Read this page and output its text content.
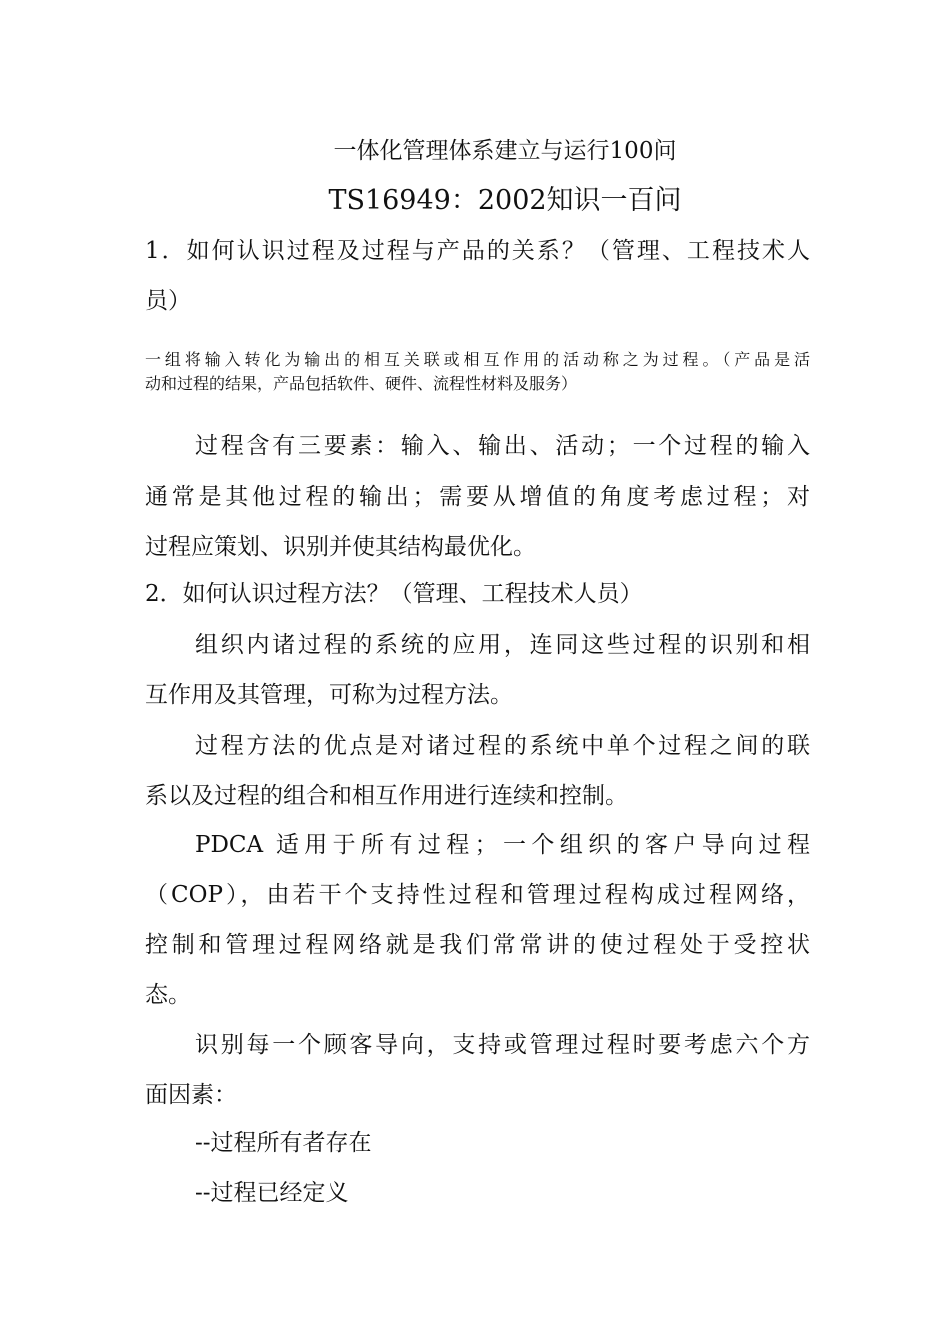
一体化管理体系建立与运行100问
TS16949：2002知识一百问
1．如何认识过程及过程与产品的关系？（管理、工程技术人
员）
一组将输入转化为输出的相互关联或相互作用的活动称之为过程。（产品是活
动和过程的结果，产品包括软件、硬件、流程性材料及服务）
过程含有三要素：输入、输出、活动；一个过程的输入
通常是其他过程的输出；需要从增值的角度考虑过程；对
过程应策划、识别并使其结构最优化。
2．如何认识过程方法？（管理、工程技术人员）
组织内诸过程的系统的应用，连同这些过程的识别和相
互作用及其管理，可称为过程方法。
过程方法的优点是对诸过程的系统中单个过程之间的联
系以及过程的组合和相互作用进行连续和控制。
PDCA 适用于所有过程；一个组织的客户导向过程
（COP），由若干个支持性过程和管理过程构成过程网络，
控制和管理过程网络就是我们常常讲的使过程处于受控状
态。
识别每一个顾客导向，支持或管理过程时要考虑六个方
面因素：
--过程所有者存在
--过程已经定义
